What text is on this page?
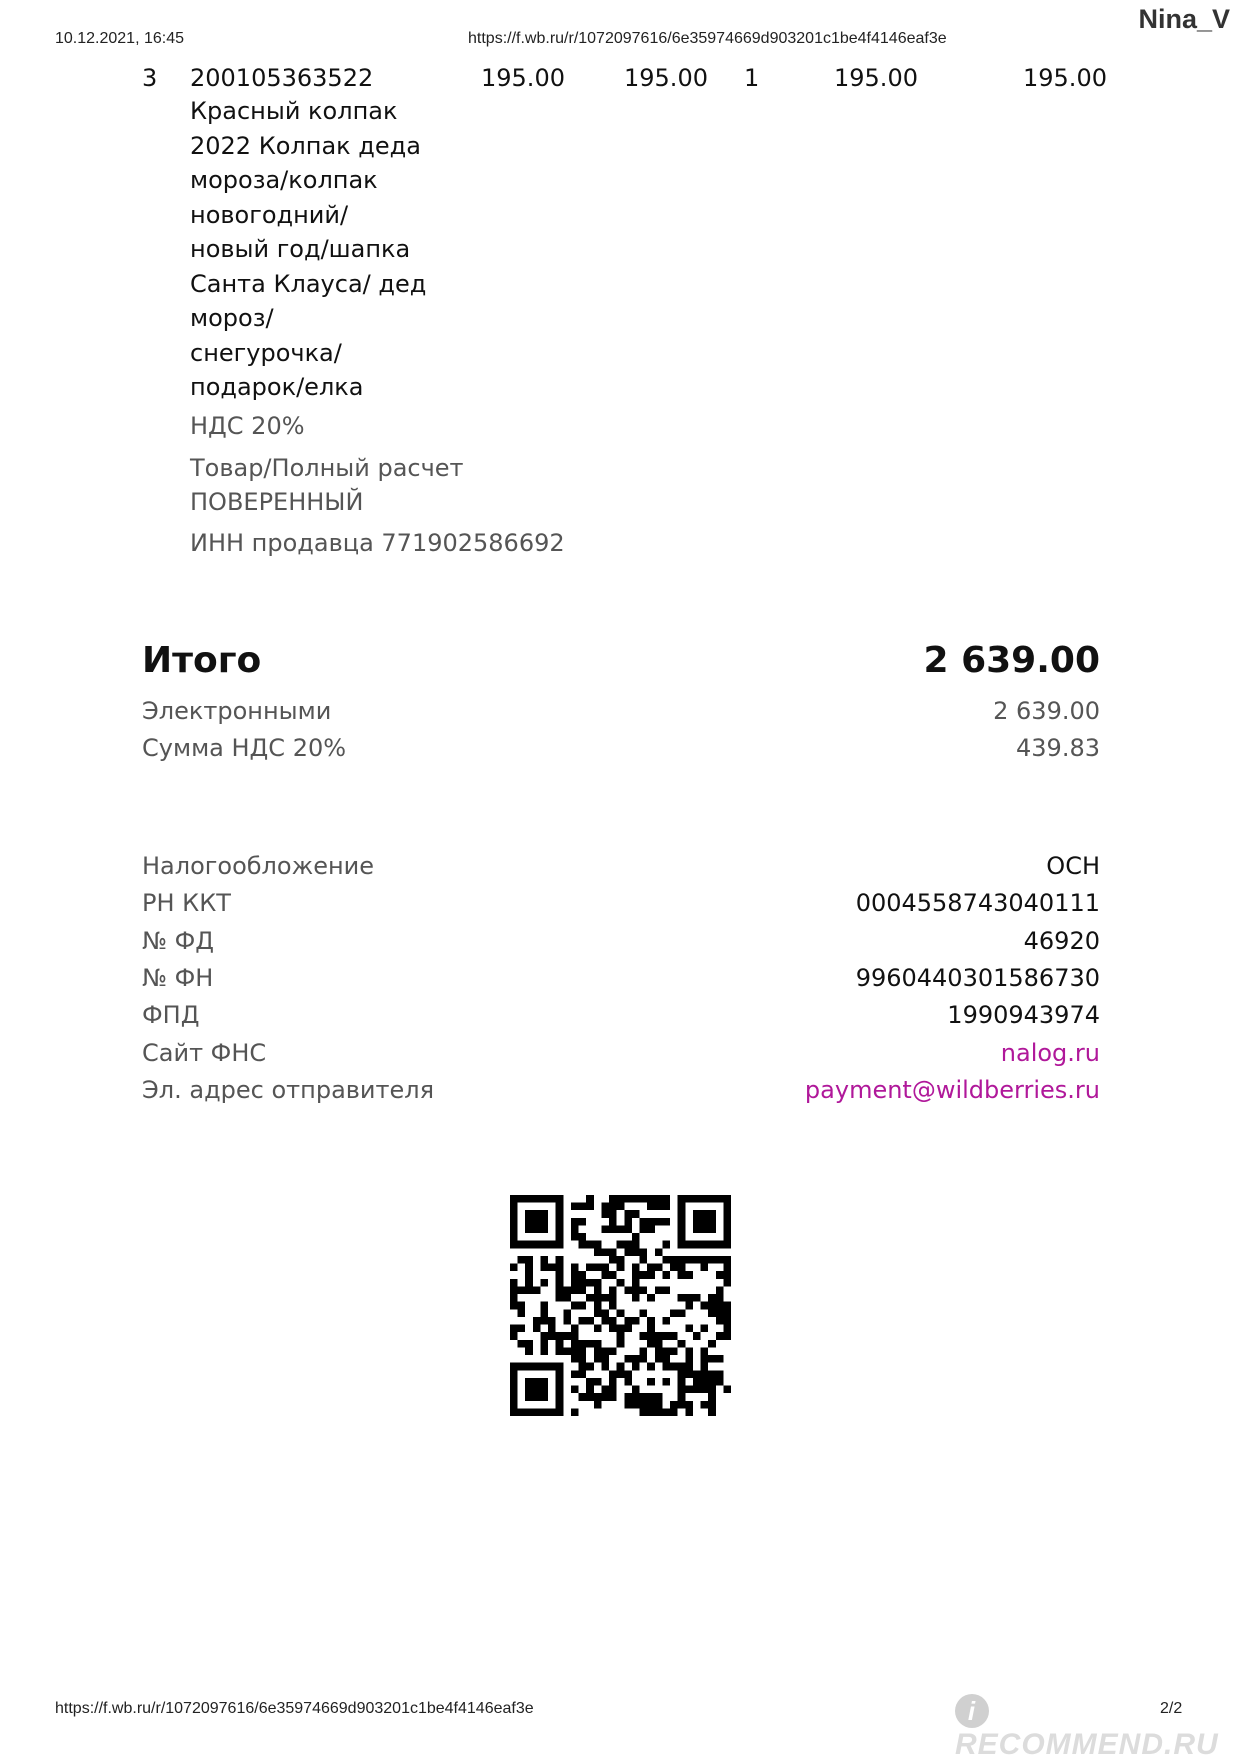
10.12.2021, 16:45	https://f.wb.ru/r/1072097616/6e35974669d903201c1be4f4146eaf3e
Nina_V
3 200105363522	195.00 195.00 1	195.00	195.00
Красный колпак
2022 Колпак деда
мороза/колпак
новогодний/
новый год/шапка
Санта Клауса/ дед
мороз/
снегурочка/
подарок/елка
НДС 20%
Товар/Полный расчет
ПОВЕРЕННЫЙ
ИНН продавца 771902586692
Итого	2 639.00
Электронными	2 639.00
Сумма НДС 20%	439.83
Налогообложение	ОСН
РН ККТ	0004558743040111
№ ФД	46920
№ ФН	9960440301586730
ФПД	1990943974
Сайт ФНС	nalog.ru
Эл. адрес отправителя	payment@wildberries.ru
https://f.wb.ru/r/1072097616/6e35974669d903201c1be4f4146eaf3e	iRECOMMEND.RU
2/2
